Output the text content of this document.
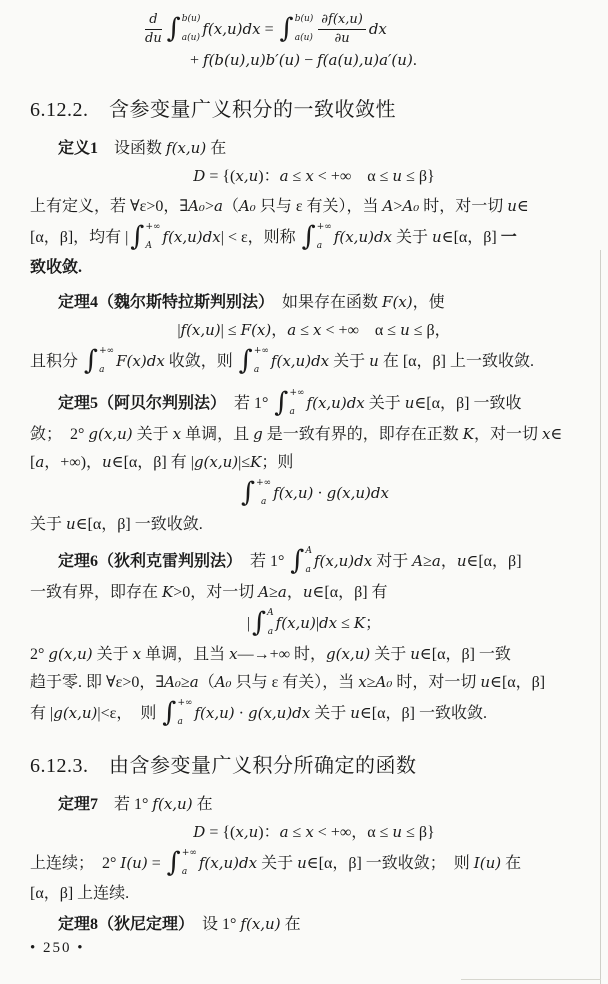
$\frac{d}{du}$ ∫ b(u)
a(u) f(x,u)dx = ∫ b(u)
$a(u) \frac{\partial f(x,u)}{\partial u}$ dx
+ f(b(u),u)b′(u) − f(a(u),u)a′(u).
6.12.2.　含参变量广义积分的一致收敛性
定义1　设函数 f(x,u) 在
D = {(x,u)：a ≤ x < +∞　α ≤ u ≤ β}
上有定义，若 ∀ε>0，∃A₀>a（A₀ 只与 ε 有关），当 A>A₀ 时，对一切 u∈
[α，β]，均有 | ∫ +∞
A f(x,u)dx| < ε，则称 ∫ +∞
a f(x,u)dx 关于 u∈[α，β] 一
致收敛.
定理4（魏尔斯特拉斯判别法）　如果存在函数 F(x)，使
|f(x,u)| ≤ F(x)，a ≤ x < +∞　α ≤ u ≤ β，
且积分 ∫ +∞
a F(x)dx 收敛，则 ∫ +∞
a f(x,u)dx 关于 u 在 [α，β] 上一致收敛.
定理5（阿贝尔判别法）　若 1° ∫ +∞
a f(x,u)dx 关于 u∈[α，β] 一致收
敛；　2° g(x,u) 关于 x 单调，且 g 是一致有界的，即存在正数 K，对一切 x∈
[a，+∞)，u∈[α，β] 有 |g(x,u)|≤K；则
∫ +∞
a f(x,u) · g(x,u)dx
关于 u∈[α，β] 一致收敛.
定理6（狄利克雷判别法）　若 1° ∫ A
a f(x,u)dx 对于 A≥a，u∈[α，β]
一致有界，即存在 K>0，对一切 A≥a，u∈[α，β] 有
| ∫ A
a f(x,u)|dx ≤ K；
2° g(x,u) 关于 x 单调，且当 x—→+∞ 时，g(x,u) 关于 u∈[α，β] 一致
趋于零. 即 ∀ε>0，∃A₀≥a（A₀ 只与 ε 有关），当 x≥A₀ 时，对一切 u∈[α，β]
有 |g(x,u)|<ε，　则 ∫ +∞
a f(x,u) · g(x,u)dx 关于 u∈[α，β] 一致收敛.
6.12.3.　由含参变量广义积分所确定的函数
定理7　若 1° f(x,u) 在
D = {(x,u)：a ≤ x < +∞，α ≤ u ≤ β}
上连续；　2° I(u) = ∫ +∞
a f(x,u)dx 关于 u∈[α，β] 一致收敛；　则 I(u) 在
[α，β] 上连续.
定理8（狄尼定理）　设 1° f(x,u) 在
• 250 •
